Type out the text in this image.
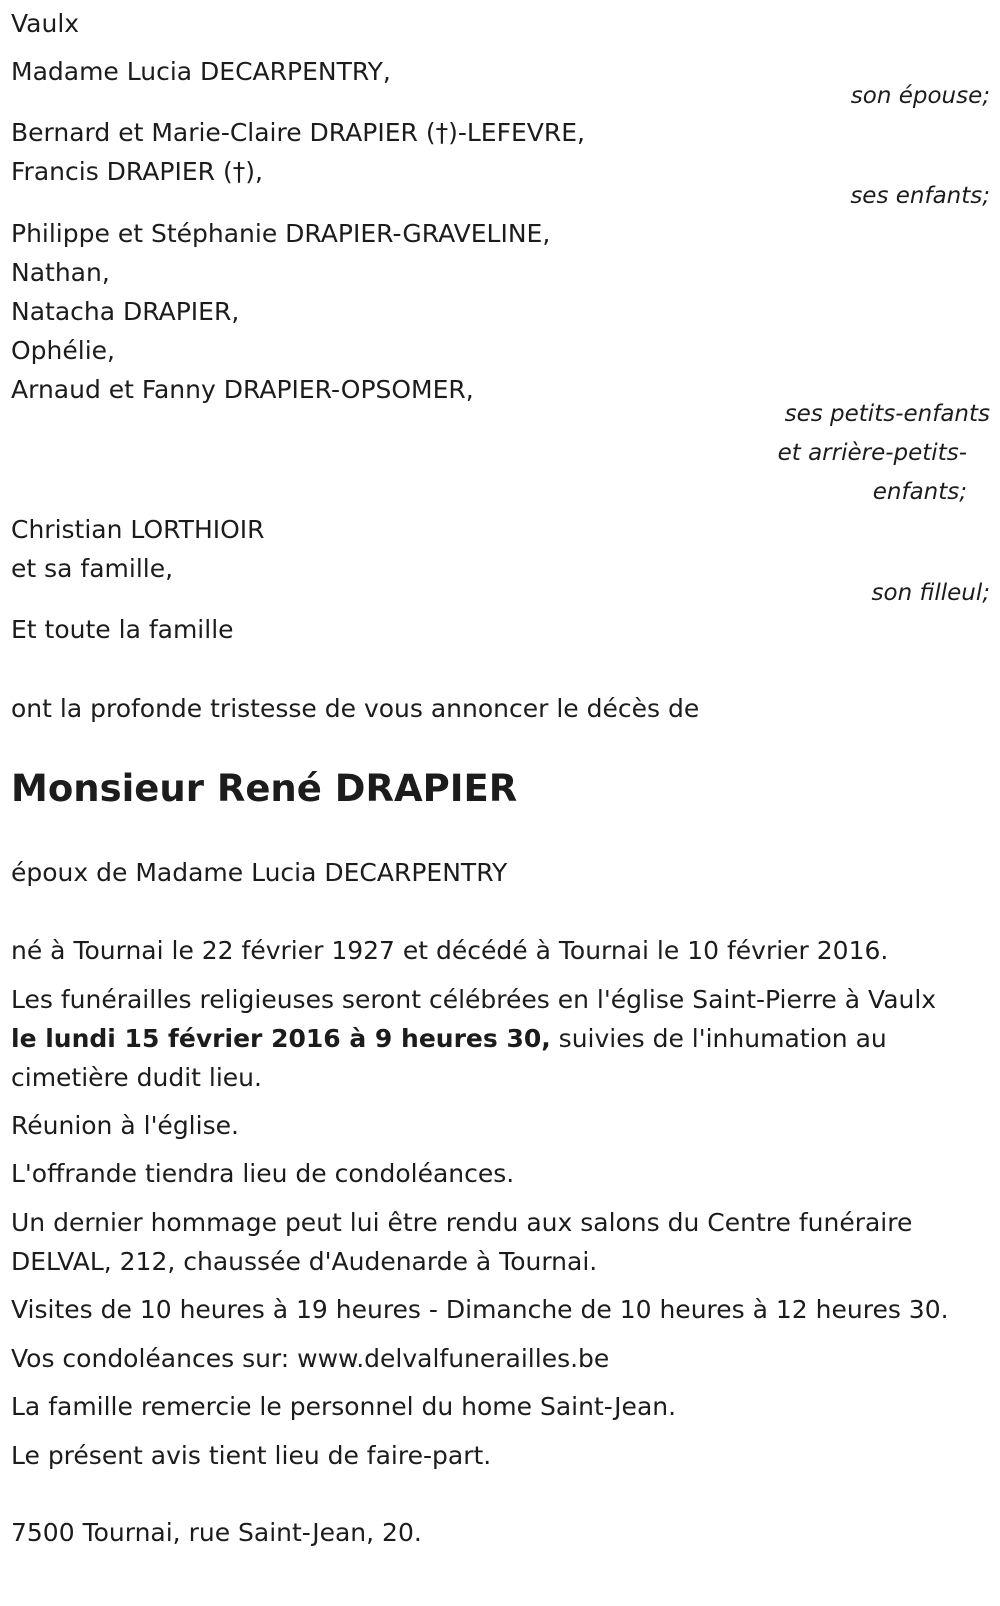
Vaulx
Madame Lucia DECARPENTRY,
son épouse;
Bernard et Marie-Claire DRAPIER (†)-LEFEVRE,
Francis DRAPIER (†),
ses enfants;
Philippe et Stéphanie DRAPIER-GRAVELINE,
Nathan,
Natacha DRAPIER,
Ophélie,
Arnaud et Fanny DRAPIER-OPSOMER,
ses petits-enfants
et arrière-petits-
enfants;
Christian LORTHIOIR
et sa famille,
son filleul;
Et toute la famille
ont la profonde tristesse de vous annoncer le décès de
Monsieur René DRAPIER
époux de Madame Lucia DECARPENTRY
né à Tournai le 22 février 1927 et décédé à Tournai le 10 février 2016.
Les funérailles religieuses seront célébrées en l'église Saint-Pierre à Vaulx
le lundi 15 février 2016 à 9 heures 30, suivies de l'inhumation au
cimetière dudit lieu.
Réunion à l'église.
L'offrande tiendra lieu de condoléances.
Un dernier hommage peut lui être rendu aux salons du Centre funéraire
DELVAL, 212, chaussée d'Audenarde à Tournai.
Visites de 10 heures à 19 heures - Dimanche de 10 heures à 12 heures 30.
Vos condoléances sur: www.delvalfunerailles.be
La famille remercie le personnel du home Saint-Jean.
Le présent avis tient lieu de faire-part.
7500 Tournai, rue Saint-Jean, 20.
